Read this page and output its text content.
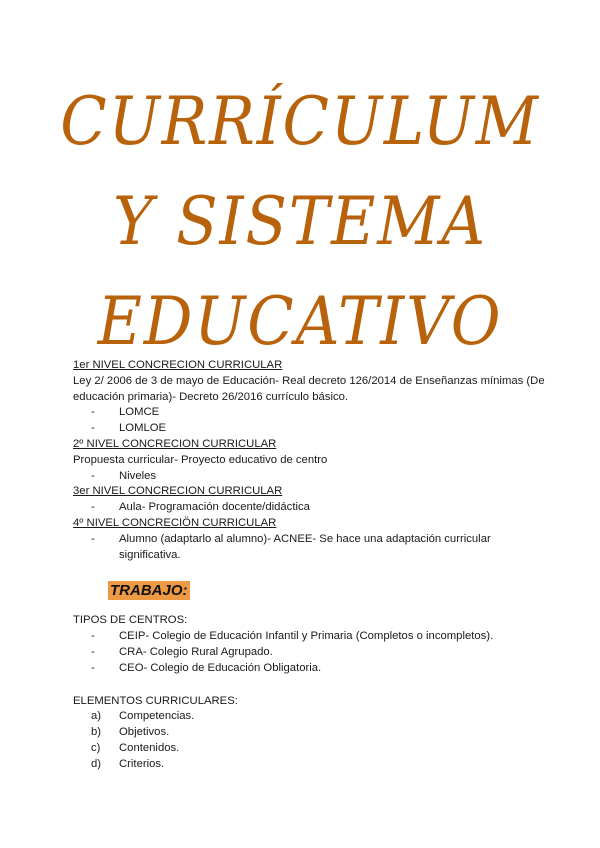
CURRÍCULUM
Y SISTEMA
EDUCATIVO
1er NIVEL CONCRECION CURRICULAR
Ley 2/ 2006 de 3 de mayo de Educación- Real decreto 126/2014 de Enseñanzas mínimas (De educación primaria)- Decreto 26/2016 currículo básico.
- LOMCE
- LOMLOE
2º NIVEL CONCRECION CURRICULAR
Propuesta curricular- Proyecto educativo de centro
- Niveles
3er NIVEL CONCRECION CURRICULAR
- Aula- Programación docente/didáctica
4º NIVEL CONCRECIÖN CURRICULAR
- Alumno (adaptarlo al alumno)- ACNEE- Se hace una adaptación curricular significativa.
TRABAJO:
TIPOS DE CENTROS:
- CEIP- Colegio de Educación Infantil y Primaria (Completos o incompletos).
- CRA- Colegio Rural Agrupado.
- CEO- Colegio de Educación Obligatoria.
ELEMENTOS CURRICULARES:
a) Competencias.
b) Objetivos.
c) Contenidos.
d) Criterios.
